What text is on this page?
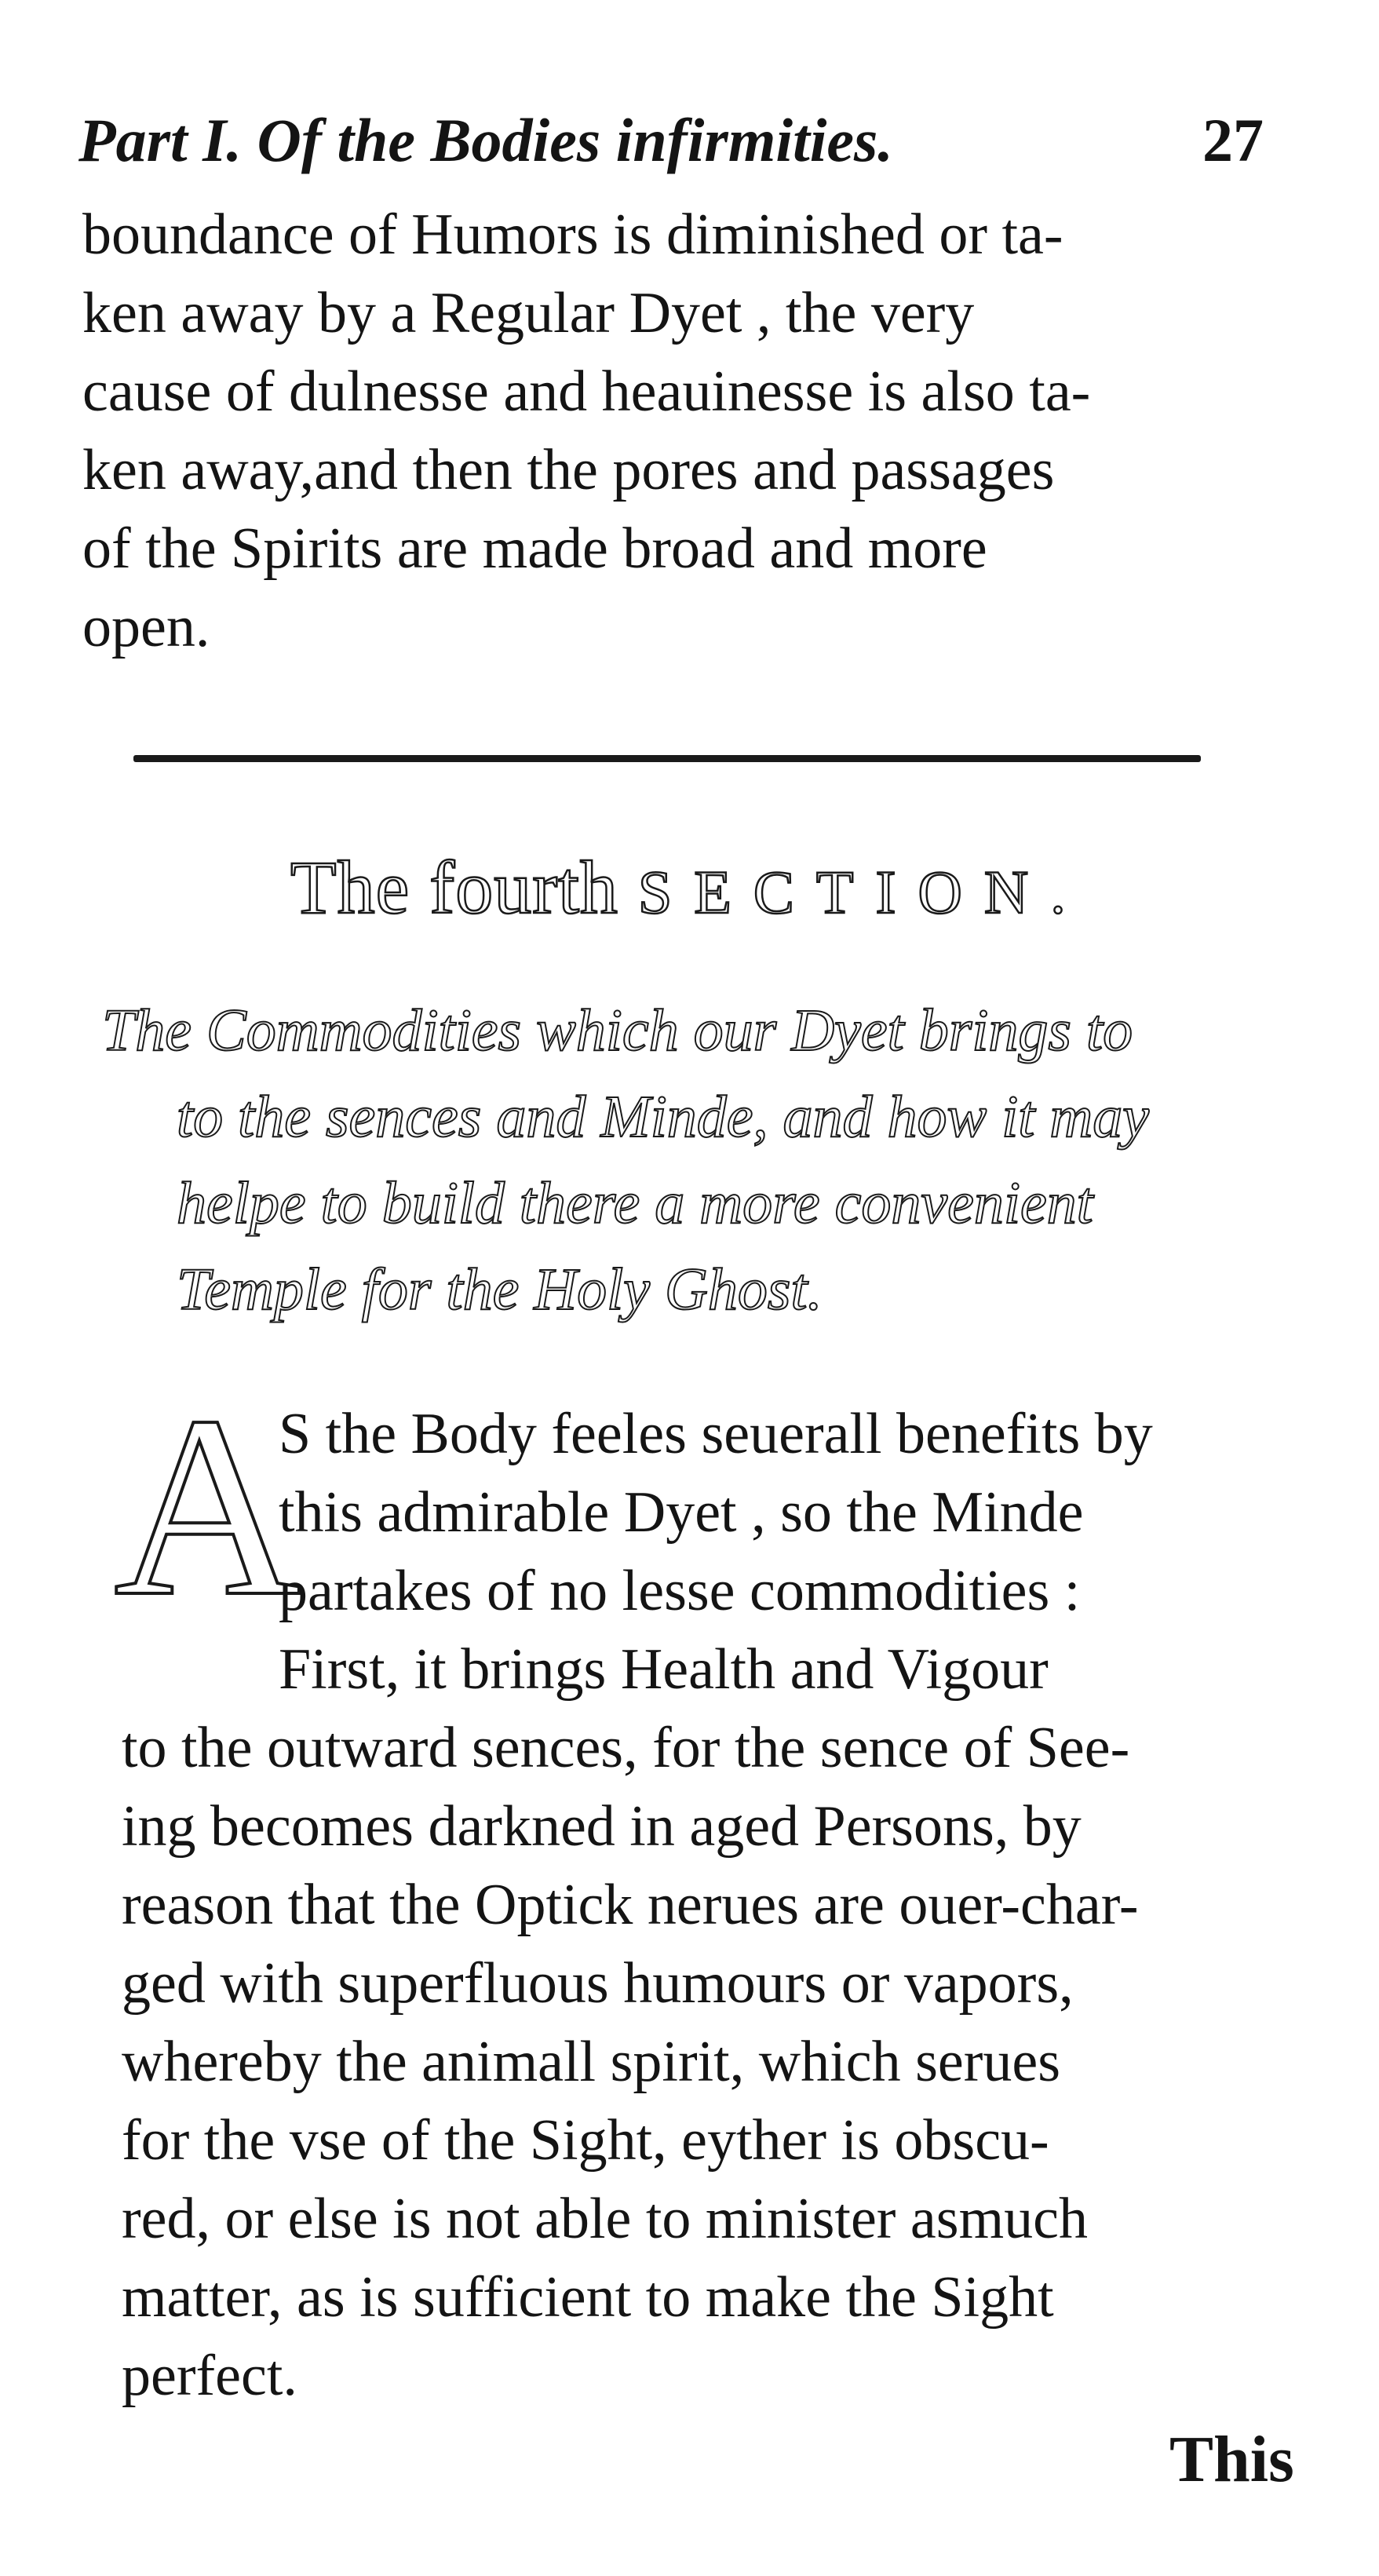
Part I. Of the Bodies infirmities.	27
boundance of Humors is diminished or ta-
ken away by a Regular Dyet , the very
cause of dulnesse and heauinesse is also ta-
ken away,and then the pores and passages
of the Spirits are made broad and more
open.
The fourth SECTION.
The Commodities which our Dyet brings to
to the sences and Minde, and how it may
helpe to build there a more convenient
Temple for the Holy Ghost.
A
S the Body feeles seuerall benefits by
this admirable Dyet , so the Minde
partakes of no lesse commodities :
First, it brings Health and Vigour
to the outward sences, for the sence of See-
ing becomes darkned in aged Persons, by
reason that the Optick nerues are ouer-char-
ged with superfluous humours or vapors,
whereby the animall spirit, which serues
for the vse of the Sight, eyther is obscu-
red, or else is not able to minister asmuch
matter, as is sufficient to make the Sight
perfect.
This
